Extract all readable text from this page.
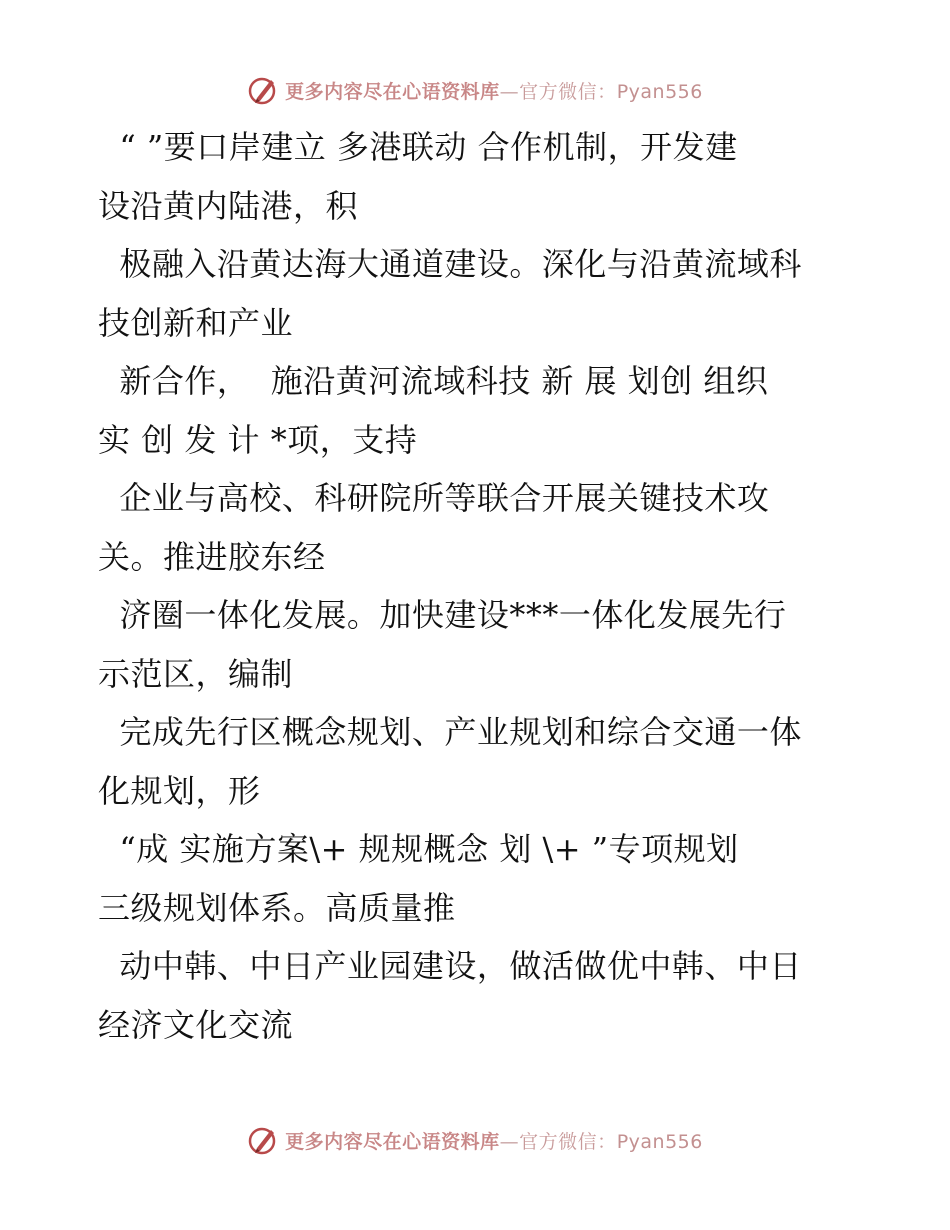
更多内容尽在心语资料库—官方微信：Pyan556
“ ”要口岸建立 多港联动 合作机制，开发建
设沿黄内陆港，积
极融入沿黄达海大通道建设。深化与沿黄流域科
技创新和产业
新合作，  施沿黄河流域科技 新 展 划创 组织
实 创 发 计 *项，支持
企业与高校、科研院所等联合开展关键技术攻
关。推进胶东经
济圈一体化发展。加快建设***一体化发展先行
示范区，编制
完成先行区概念规划、产业规划和综合交通一体
化规划，形
“成 实施方案\+ 规规概念 划 \+ ”专项规划
三级规划体系。高质量推
动中韩、中日产业园建设，做活做优中韩、中日
经济文化交流
更多内容尽在心语资料库—官方微信：Pyan556
